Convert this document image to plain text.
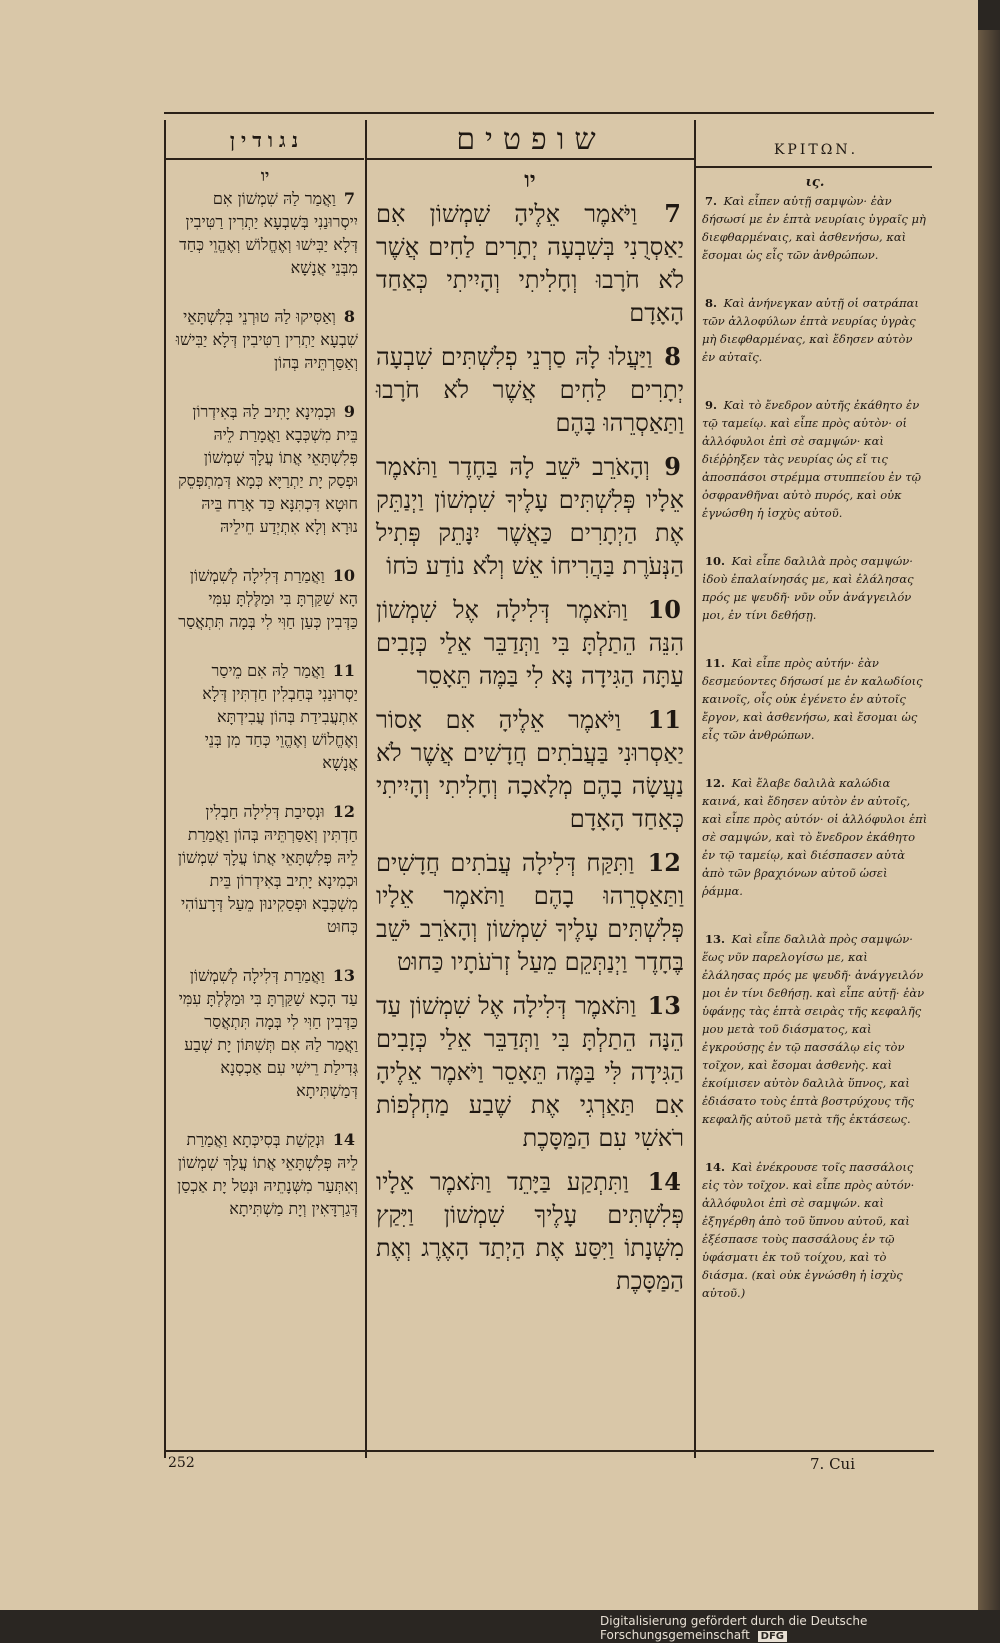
נגודין	שופטים	ΚΡΙΤΩΝ.
יו
7 וַאֲמַר לַהּ שִׁמְשׁוֹן אִם יִיסְרוּנַנִי בְּשִׁבְעָא יַתְרִין רַטִּיבִין דְּלָא יַבִּישׁוּ וְאֶחֱלוֹשׁ וְאֶהֱוֵי כְּחַד מִבְּנֵי אֲנָשָׁא
8 וְאַסִּיקוּ לַהּ טוּרְנֵי בְּלִשְׁתָּאֵי שִׁבְעָא יַתְרִין רַטִּיבִין דְּלָא יַבִּישׁוּ וְאַסַּרְתֵּיהּ בְּהוֹן
9 וּכְמִינָא יָתִיב לַהּ בְּאִידְרוֹן בֵּית מִשְׁכְּבָא וַאֲמָרַת לֵיהּ פְּלִשְׁתָּאֵי אֲתוֹ עֲלָךְ שִׁמְשׁוֹן וּפְסַק יָת יַתְרַיָּא כְּמָא דְּמִתְפְּסֵק חוּטָא דִּכְתִּנָּא כַּד אָרַח בֵּיהּ נוּרָא וְלָא אִתְיְדַע חֵילֵיהּ
10 וַאֲמַרַת דְּלִילָה לְשִׁמְשׁוֹן הָא שַׁקַּרְתָּ בִּי וּמַלֶּלְתָּ עִמִּי כַּדְּבִין כְּעַן חַוִּי לִי בְּמָה תִּתְאֲסַר
11 וַאֲמַר לַהּ אִם מֵיסַר יַסְרוּנַנִי בְּחַבְלִין חַדְתִּין דְּלָא אִתְעֲבִידַת בְּהוֹן עֲבִידְתָּא וְאֶחֱלוֹשׁ וְאֶהֱוֵי כְּחַד מִן בְּנֵי אֲנָשָׁא
12 וּנְסִיבַת דְּלִילָה חַבְלִין חַדְתִּין וְאַסַּרְתֵּיהּ בְּהוֹן וַאֲמַרַת לֵיהּ פְּלִשְׁתָּאֵי אֲתוֹ עֲלָךְ שִׁמְשׁוֹן וּכְמִינָא יָתִיב בְּאִידְרוֹן בֵּית מִשְׁכְּבָא וּפְסַקִינוּן מֵעַל דְּרָעוֹהִי כְּחוּט
13 וַאֲמַרַת דְּלִילָה לְשִׁמְשׁוֹן עַד הָכָא שַׁקַּרְתָּ בִּי וּמַלֶּלְתָּ עִמִּי כַּדְּבִין חַוִּי לִי בְּמָה תִּתְאֲסַר וַאֲמַר לַהּ אִם תְּשִׁתּוֹן יָת שְׁבַע גְּדִילַת רֵישִׁי עִם אַכְסְנָא דְּמַשְׁתִּיתָא
14 וּנְקַשַׁת בְּסִיכְּתָא וַאֲמַרַת לֵיהּ פְּלִשְׁתָּאֵי אֲתוֹ עֲלָךְ שִׁמְשׁוֹן וְאִתְּעַר מִשְּׁנָתֵיהּ וּנְטַל יָת אַכְסַן דְּגַרְדָּאִין וְיָת מַשְׁתִּיתָא
יו
7 וַיֹּאמֶר אֵלֶיהָ שִׁמְשׁוֹן אִם יַאַסְרֻנִי בְּשִׁבְעָה יְתָרִים לַחִים אֲשֶׁר לֹא חֹרָבוּ וְחָלִיתִי וְהָיִיתִי כְּאַחַד הָאָדָם
8 וַיַּעֲלוּ לָהּ סַרְנֵי פְלִשְׁתִּים שִׁבְעָה יְתָרִים לַחִים אֲשֶׁר לֹא חֹרָבוּ וַתַּאַסְרֵהוּ בָּהֶם
9 וְהָאֹרֵב יֹשֵׁב לָהּ בַּחֶדֶר וַתֹּאמֶר אֵלָיו פְּלִשְׁתִּים עָלֶיךָ שִׁמְשׁוֹן וַיְנַתֵּק אֶת הַיְתָרִים כַּאֲשֶׁר יִנָּתֵק פְּתִיל הַנְּעֹרֶת בַּהֲרִיחוֹ אֵשׁ וְלֹא נוֹדַע כֹּחוֹ
10 וַתֹּאמֶר דְּלִילָה אֶל שִׁמְשׁוֹן הִנֵּה הֵתַלְתָּ בִּי וַתְּדַבֵּר אֵלַי כְּזָבִים עַתָּה הַגִּידָה נָּא לִי בַּמֶּה תֵּאָסֵר
11 וַיֹּאמֶר אֵלֶיהָ אִם אָסוֹר יַאַסְרוּנִי בַּעֲבֹתִים חֲדָשִׁים אֲשֶׁר לֹא נַעֲשָׂה בָהֶם מְלָאכָה וְחָלִיתִי וְהָיִיתִי כְּאַחַד הָאָדָם
12 וַתִּקַּח דְּלִילָה עֲבֹתִים חֲדָשִׁים וַתַּאַסְרֵהוּ בָהֶם וַתֹּאמֶר אֵלָיו פְּלִשְׁתִּים עָלֶיךָ שִׁמְשׁוֹן וְהָאֹרֵב יֹשֵׁב בֶּחָדֶר וַיְנַתְּקֵם מֵעַל זְרֹעֹתָיו כַּחוּט
13 וַתֹּאמֶר דְּלִילָה אֶל שִׁמְשׁוֹן עַד הֵנָּה הֵתַלְתָּ בִּי וַתְּדַבֵּר אֵלַי כְּזָבִים הַגִּידָה לִּי בַּמֶּה תֵּאָסֵר וַיֹּאמֶר אֵלֶיהָ אִם תַּאַרְגִי אֶת שֶׁבַע מַחְלְפוֹת רֹאשִׁי עִם הַמַּסָּכֶת
14 וַתִּתְקַע בַּיָּתֵד וַתֹּאמֶר אֵלָיו פְּלִשְׁתִּים עָלֶיךָ שִׁמְשׁוֹן וַיִּקַץ מִשְּׁנָתוֹ וַיִּסַּע אֶת הַיְתַד הָאֶרֶג וְאֶת הַמַּסָּכֶת
ις.
7. Καὶ εἶπεν αὐτῇ σαμψὼν· ἐὰν δήσωσί με ἐν ἑπτὰ νευρίαις ὑγραῖς μὴ διεφθαρμέναις, καὶ ἀσθενήσω, καὶ ἔσομαι ὡς εἷς τῶν ἀνθρώπων.
8. Καὶ ἀνήνεγκαν αὐτῇ οἱ σατράπαι τῶν ἀλλοφύλων ἑπτὰ νευρίας ὑγρὰς μὴ διεφθαρμένας, καὶ ἔδησεν αὐτὸν ἐν αὐταῖς.
9. Καὶ τὸ ἔνεδρον αὐτῆς ἐκάθητο ἐν τῷ ταμείῳ. καὶ εἶπε πρὸς αὐτὸν· οἱ ἀλλόφυλοι ἐπὶ σὲ σαμψών· καὶ διέῤῥηξεν τὰς νευρίας ὡς εἴ τις ἀποσπάσοι στρέμμα στυππείου ἐν τῷ ὀσφρανθῆναι αὐτὸ πυρός, καὶ οὐκ ἐγνώσθη ἡ ἰσχὺς αὐτοῦ.
10. Καὶ εἶπε δαλιλὰ πρὸς σαμψών· ἰδοὺ ἐπαλαίνησάς με, καὶ ἐλάλησας πρός με ψευδῆ· νῦν οὖν ἀνάγγειλόν μοι, ἐν τίνι δεθήσῃ.
11. Καὶ εἶπε πρὸς αὐτήν· ἐὰν δεσμεύοντες δήσωσί με ἐν καλωδίοις καινοῖς, οἷς οὐκ ἐγένετο ἐν αὐτοῖς ἔργον, καὶ ἀσθενήσω, καὶ ἔσομαι ὡς εἷς τῶν ἀνθρώπων.
12. Καὶ ἔλαβε δαλιλὰ καλώδια καινά, καὶ ἔδησεν αὐτὸν ἐν αὐτοῖς, καὶ εἶπε πρὸς αὐτόν· οἱ ἀλλόφυλοι ἐπὶ σὲ σαμψών, καὶ τὸ ἔνεδρον ἐκάθητο ἐν τῷ ταμείῳ, καὶ διέσπασεν αὐτὰ ἀπὸ τῶν βραχιόνων αὐτοῦ ὡσεὶ ῥάμμα.
13. Καὶ εἶπε δαλιλὰ πρὸς σαμψών· ἕως νῦν παρελογίσω με, καὶ ἐλάλησας πρός με ψευδῆ· ἀνάγγειλόν μοι ἐν τίνι δεθήσῃ. καὶ εἶπε αὐτῇ· ἐὰν ὑφάνῃς τὰς ἑπτὰ σειρὰς τῆς κεφαλῆς μου μετὰ τοῦ διάσματος, καὶ ἐγκρούσῃς ἐν τῷ πασσάλῳ εἰς τὸν τοῖχον, καὶ ἔσομαι ἀσθενὴς. καὶ ἐκοίμισεν αὐτὸν δαλιλὰ ὕπνος, καὶ ἐδιάσατο τοὺς ἑπτὰ βοστρύχους τῆς κεφαλῆς αὐτοῦ μετὰ τῆς ἐκτάσεως.
14. Καὶ ἐνέκρουσε τοῖς πασσάλοις εἰς τὸν τοῖχον. καὶ εἶπε πρὸς αὐτόν· ἀλλόφυλοι ἐπὶ σὲ σαμψών. καὶ ἐξηγέρθη ἀπὸ τοῦ ὕπνου αὐτοῦ, καὶ ἐξέσπασε τοὺς πασσάλους ἐν τῷ ὑφάσματι ἐκ τοῦ τοίχου, καὶ τὸ διάσμα. (καὶ οὐκ ἐγνώσθη ἡ ἰσχὺς αὐτοῦ.)
252	7. Cui
Digitalisierung gefördert durch die Deutsche Forschungsgemeinschaft DFG
